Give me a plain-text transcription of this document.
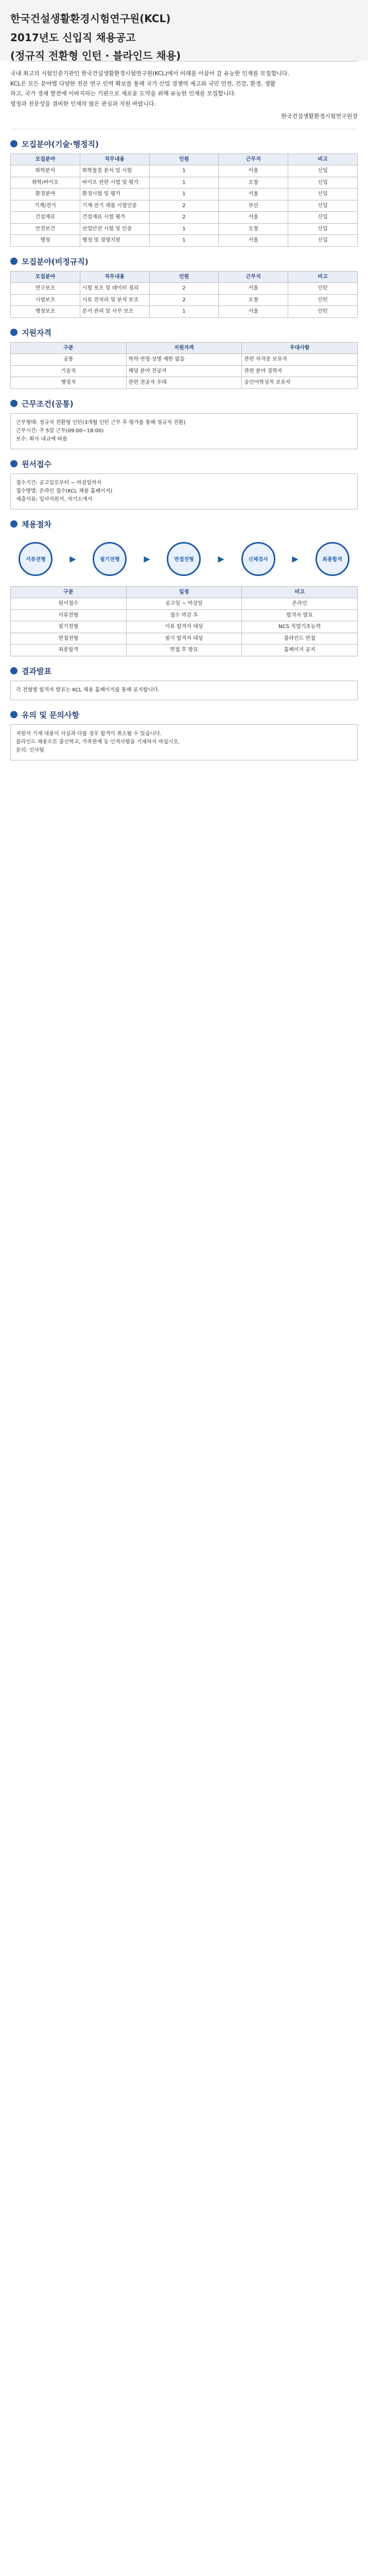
한국건설생활환경시험연구원(KCL)

2017년도 신입직 채용공고

(정규직 전환형 인턴 · 블라인드 채용)

국내 최고의 시험인증기관인 한국건설생활환경시험연구원(KCL)에서 미래를 이끌어 갈 유능한 인재를 모집합니다.

KCL은 모든 분야별 다양한 전문 연구 인력 확보를 통해 국가 산업 경쟁력 제고와 국민 안전, 건강, 환경, 생활

하고, 국가 경제 발전에 이바지하는 기관으로 새로운 도약을 위해 유능한 인재를 모집합니다.

열정과 전문성을 겸비한 인재의 많은 관심과 지원 바랍니다.

한국건설생활환경시험연구원장

모집분야(기술·행정직)
모집분야	직무내용	인원	근무지	비고
화학분석	화학물질 분석 및 시험	1	서울	신입
화학/바이오	바이오 관련 시험 및 평가	1	오창	신입
환경분야	환경시험 및 평가	1	서울	신입
기계/전기	기계·전기 제품 시험인증	2	부산	신입
건설재료	건설재료 시험 평가	2	서울	신입
안전보건	산업안전 시험 및 인증	1	오창	신입
행정	행정 및 경영지원	1	서울	신입
모집분야(비정규직)
모집분야	직무내용	인원	근무지	비고
연구보조	시험 보조 및 데이터 정리	2	서울	인턴
시험보조	시료 전처리 및 분석 보조	2	오창	인턴
행정보조	문서 관리 및 사무 보조	1	서울	인턴
지원자격
구분	지원자격	우대사항
공통	학력·연령·성별 제한 없음	관련 자격증 보유자
기술직	해당 분야 전공자	관련 분야 경력자
행정직	관련 전공자 우대	공인어학성적 보유자
근무조건(공통)
근무형태: 정규직 전환형 인턴(3개월 인턴 근무 후 평가를 통해 정규직 전환)
근무시간: 주 5일 근무(09:00~18:00)
보수: 회사 내규에 따름
원서접수
접수기간: 공고일로부터 ~ 마감일까지
접수방법: 온라인 접수(KCL 채용 홈페이지)
제출서류: 입사지원서, 자기소개서
채용절차
서류전형	▶	필기전형	▶	면접전형	▶	신체검사	▶	최종합격
구분	일정	비고
원서접수	공고일 ~ 마감일	온라인
서류전형	접수 마감 후	합격자 발표
필기전형	서류 합격자 대상	NCS 직업기초능력
면접전형	필기 합격자 대상	블라인드 면접
최종합격	면접 후 발표	홈페이지 공지
결과발표
각 전형별 합격자 발표는 KCL 채용 홈페이지를 통해 공지합니다.
유의 및 문의사항
지원서 기재 내용이 사실과 다를 경우 합격이 취소될 수 있습니다.
블라인드 채용으로 출신학교, 가족관계 등 인적사항을 기재하지 마십시오.
문의: 인사팀
